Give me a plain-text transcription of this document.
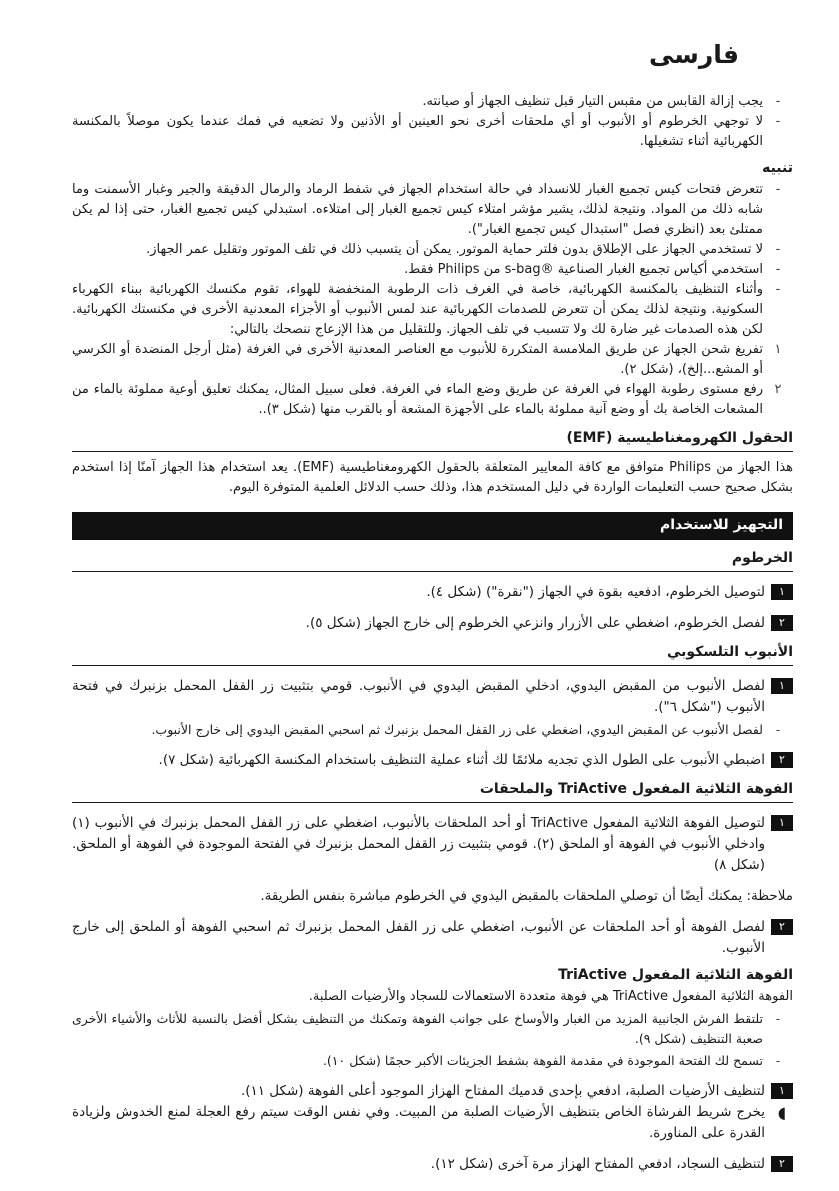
فارسی
-
یجب إزالة القابس من مقبس التیار قبل تنظیف الجهاز أو صیانته.
-
لا توجهي الخرطوم أو الأنبوب أو أي ملحقات أخرى نحو العینین أو الأذنین ولا تضعیه في فمك عندما یکون موصلاً بالمکنسة الکهربائیة أثناء تشغیلها.
تنبیه
-
تتعرض فتحات کیس تجمیع الغبار للانسداد في حالة استخدام الجهاز في شفط الرماد والرمال الدقیقة والجیر وغبار الأسمنت وما شابه ذلك من المواد. ونتیجة لذلك، یشیر مؤشر امتلاء کیس تجمیع الغبار إلی امتلاءه. استبدلي کیس تجمیع الغبار، حتی إذا لم یکن ممتلئ بعد (انظري فصل "استبدال کیس تجمیع الغبار").
-
لا تستخدمي الجهاز علی الإطلاق بدون فلتر حمایة الموتور. یمکن أن یتسبب ذلك في تلف الموتور وتقلیل عمر الجهاز.
-
استخدمي أکیاس تجمیع الغبار الصناعیة ®s-bag من Philips فقط.
-
وأثناء التنظیف بالمکنسة الکهربائیة، خاصة في الغرف ذات الرطوبة المنخفضة للهواء، تقوم مکنسك الکهربائیة ببناء الکهرباء السکونیة. ونتیجة لذلك یمکن أن تتعرض للصدمات الکهربائیة عند لمس الأنبوب أو الأجزاء المعدنیة الأخری في مکنستك الکهربائیة. لکن هذه الصدمات غیر ضارة لك ولا تتسبب في تلف الجهاز. وللتقلیل من هذا الإزعاج ننصحك بالتالي:
١
تفریغ شحن الجهاز عن طریق الملامسة المتکررة للأنبوب مع العناصر المعدنیة الأخری في الغرفة (مثل أرجل المنضدة أو الکرسي أو المشع...إلخ)، (شکل ٢).
٢
رفع مستوی رطوبة الهواء في الغرفة عن طریق وضع الماء في الغرفة. فعلی سبیل المثال، یمکنك تعلیق أوعیة مملوئة بالماء من المشعات الخاصة بك أو وضع آنیة مملوئة بالماء علی الأجهزة المشعة أو بالقرب منها (شکل ٣)..
الحقول الکهرومغناطیسیة (EMF)
هذا الجهاز من Philips متوافق مع کافة المعاییر المتعلقة بالحقول الکهرومغناطیسیة (EMF). یعد استخدام هذا الجهاز آمنًا إذا استخدم بشکل صحیح حسب التعلیمات الواردة في دلیل المستخدم هذا، وذلك حسب الدلائل العلمیة المتوفرة الیوم.
التجهیز للاستخدام
الخرطوم
١
لتوصیل الخرطوم، ادفعیه بقوة في الجهاز ("نقرة") (شکل ٤).
٢
لفصل الخرطوم، اضغطي علی الأزرار وانزعي الخرطوم إلی خارج الجهاز (شکل ٥).
الأنبوب التلسکوبي
١
لفصل الأنبوب من المقبض الیدوي، ادخلي المقبض الیدوي في الأنبوب. قومي بتثبیت زر القفل المحمل بزنبرك في فتحة الأنبوب ("شکل ٦").
-
لفصل الأنبوب عن المقبض الیدوي، اضغطي علی زر القفل المحمل بزنبرك ثم اسحبي المقبض الیدوي إلی خارج الأنبوب.
٢
اضبطي الأنبوب علی الطول الذي تجدیه ملائمًا لك أثناء عملیة التنظیف باستخدام المکنسة الکهربائیة (شکل ٧).
الفوهة الثلاثیة المفعول TriActive والملحقات
١
لتوصیل الفوهة الثلاثیة المفعول TriActive أو أحد الملحقات بالأنبوب، اضغطي علی زر القفل المحمل بزنبرك في الأنبوب (١) وادخلي الأنبوب في الفوهة أو الملحق (٢). قومي بتثبیت زر القفل المحمل بزنبرك في الفتحة الموجودة في الفوهة أو الملحق. (شکل ٨)
ملاحظة: یمکنك أیضًا أن توصلي الملحقات بالمقبض الیدوي في الخرطوم مباشرة بنفس الطریقة.
٢
لفصل الفوهة أو أحد الملحقات عن الأنبوب، اضغطي علی زر القفل المحمل بزنبرك ثم اسحبي الفوهة أو الملحق إلی خارج الأنبوب.
الفوهة الثلاثیة المفعول TriActive
الفوهة الثلاثیة المفعول TriActive هي فوهة متعددة الاستعمالات للسجاد والأرضیات الصلبة.
-
تلتقط الفرش الجانبیة المزید من الغبار والأوساخ علی جوانب الفوهة وتمکنك من التنظیف بشکل أفضل بالنسبة للأثاث والأشیاء الأخری صعبة التنظیف (شکل ٩).
-
تسمح لك الفتحة الموجودة في مقدمة الفوهة بشفط الجزیئات الأکبر حجمًا (شکل ١٠).
١
لتنظیف الأرضیات الصلبة، ادفعي بإحدی قدمیك المفتاح الهزاز الموجود أعلی الفوهة (شکل ١١).
◖
یخرج شریط الفرشاة الخاص بتنظیف الأرضیات الصلبة من المبیت. وفي نفس الوقت سیتم رفع العجلة لمنع الخدوش ولزیادة القدرة علی المناورة.
٢
لتنظیف السجاد، ادفعي المفتاح الهزاز مرة آخری (شکل ١٢).
